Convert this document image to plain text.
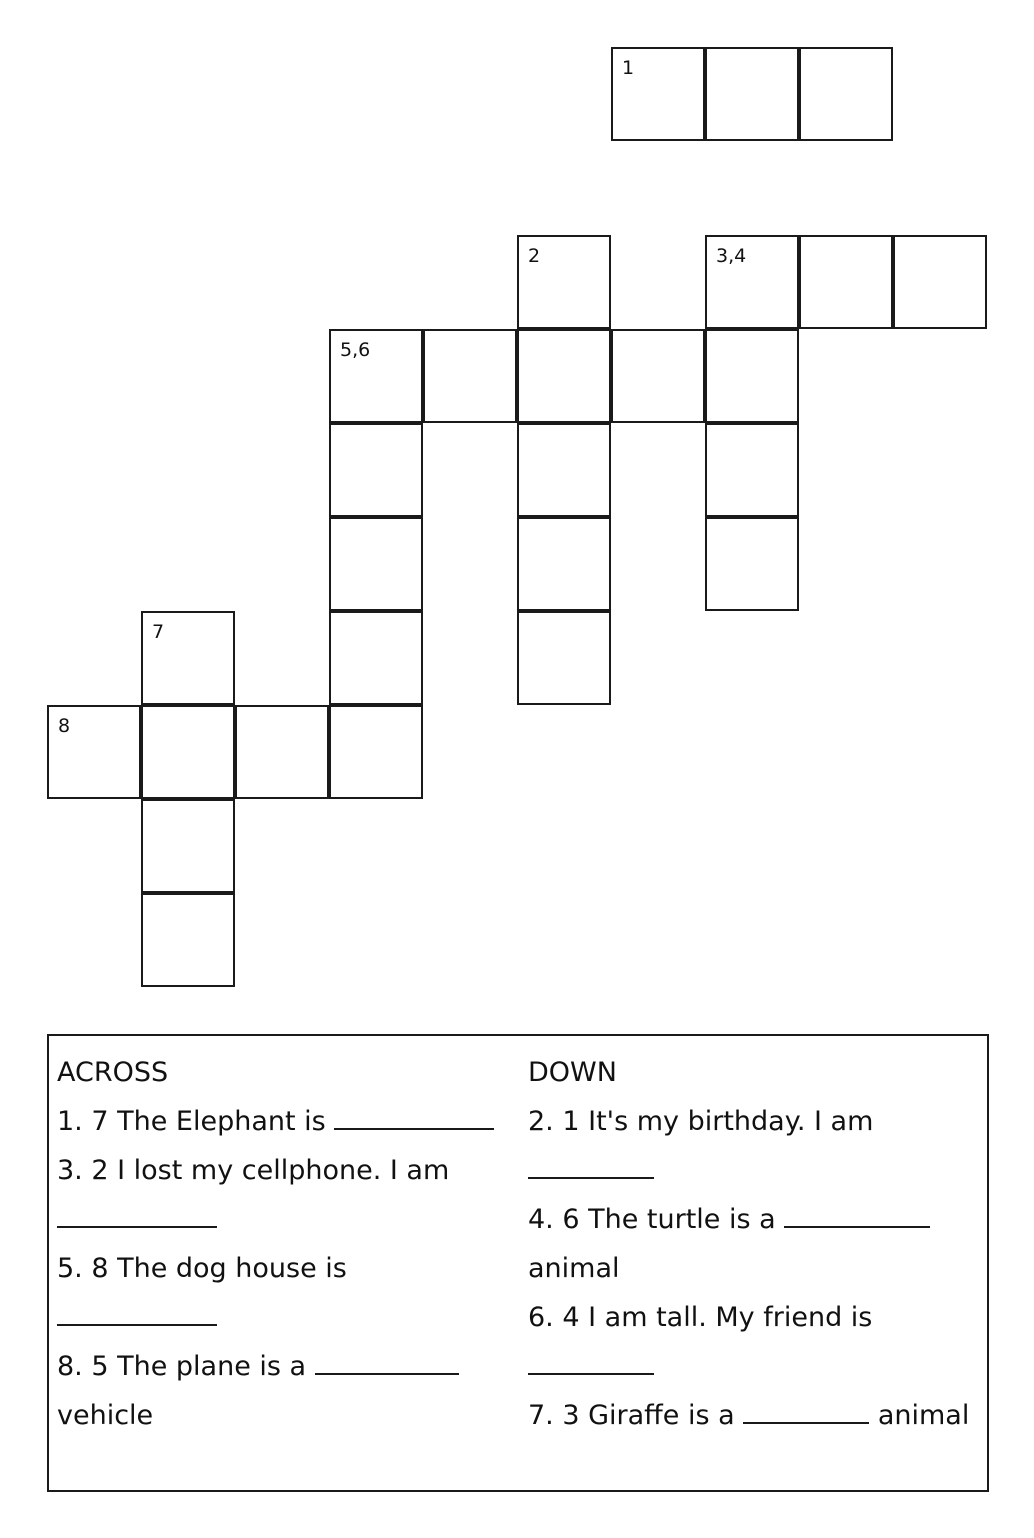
1
2	3,4
5,6
7
8
ACROSS
1. 7 The Elephant is
3. 2 I lost my cellphone. I am
5. 8 The dog house is
8. 5 The plane is a
vehicle
DOWN
2. 1 It's my birthday. I am
4. 6 The turtle is a
animal
6. 4 I am tall. My friend is
7. 3 Giraffe is a	animal
